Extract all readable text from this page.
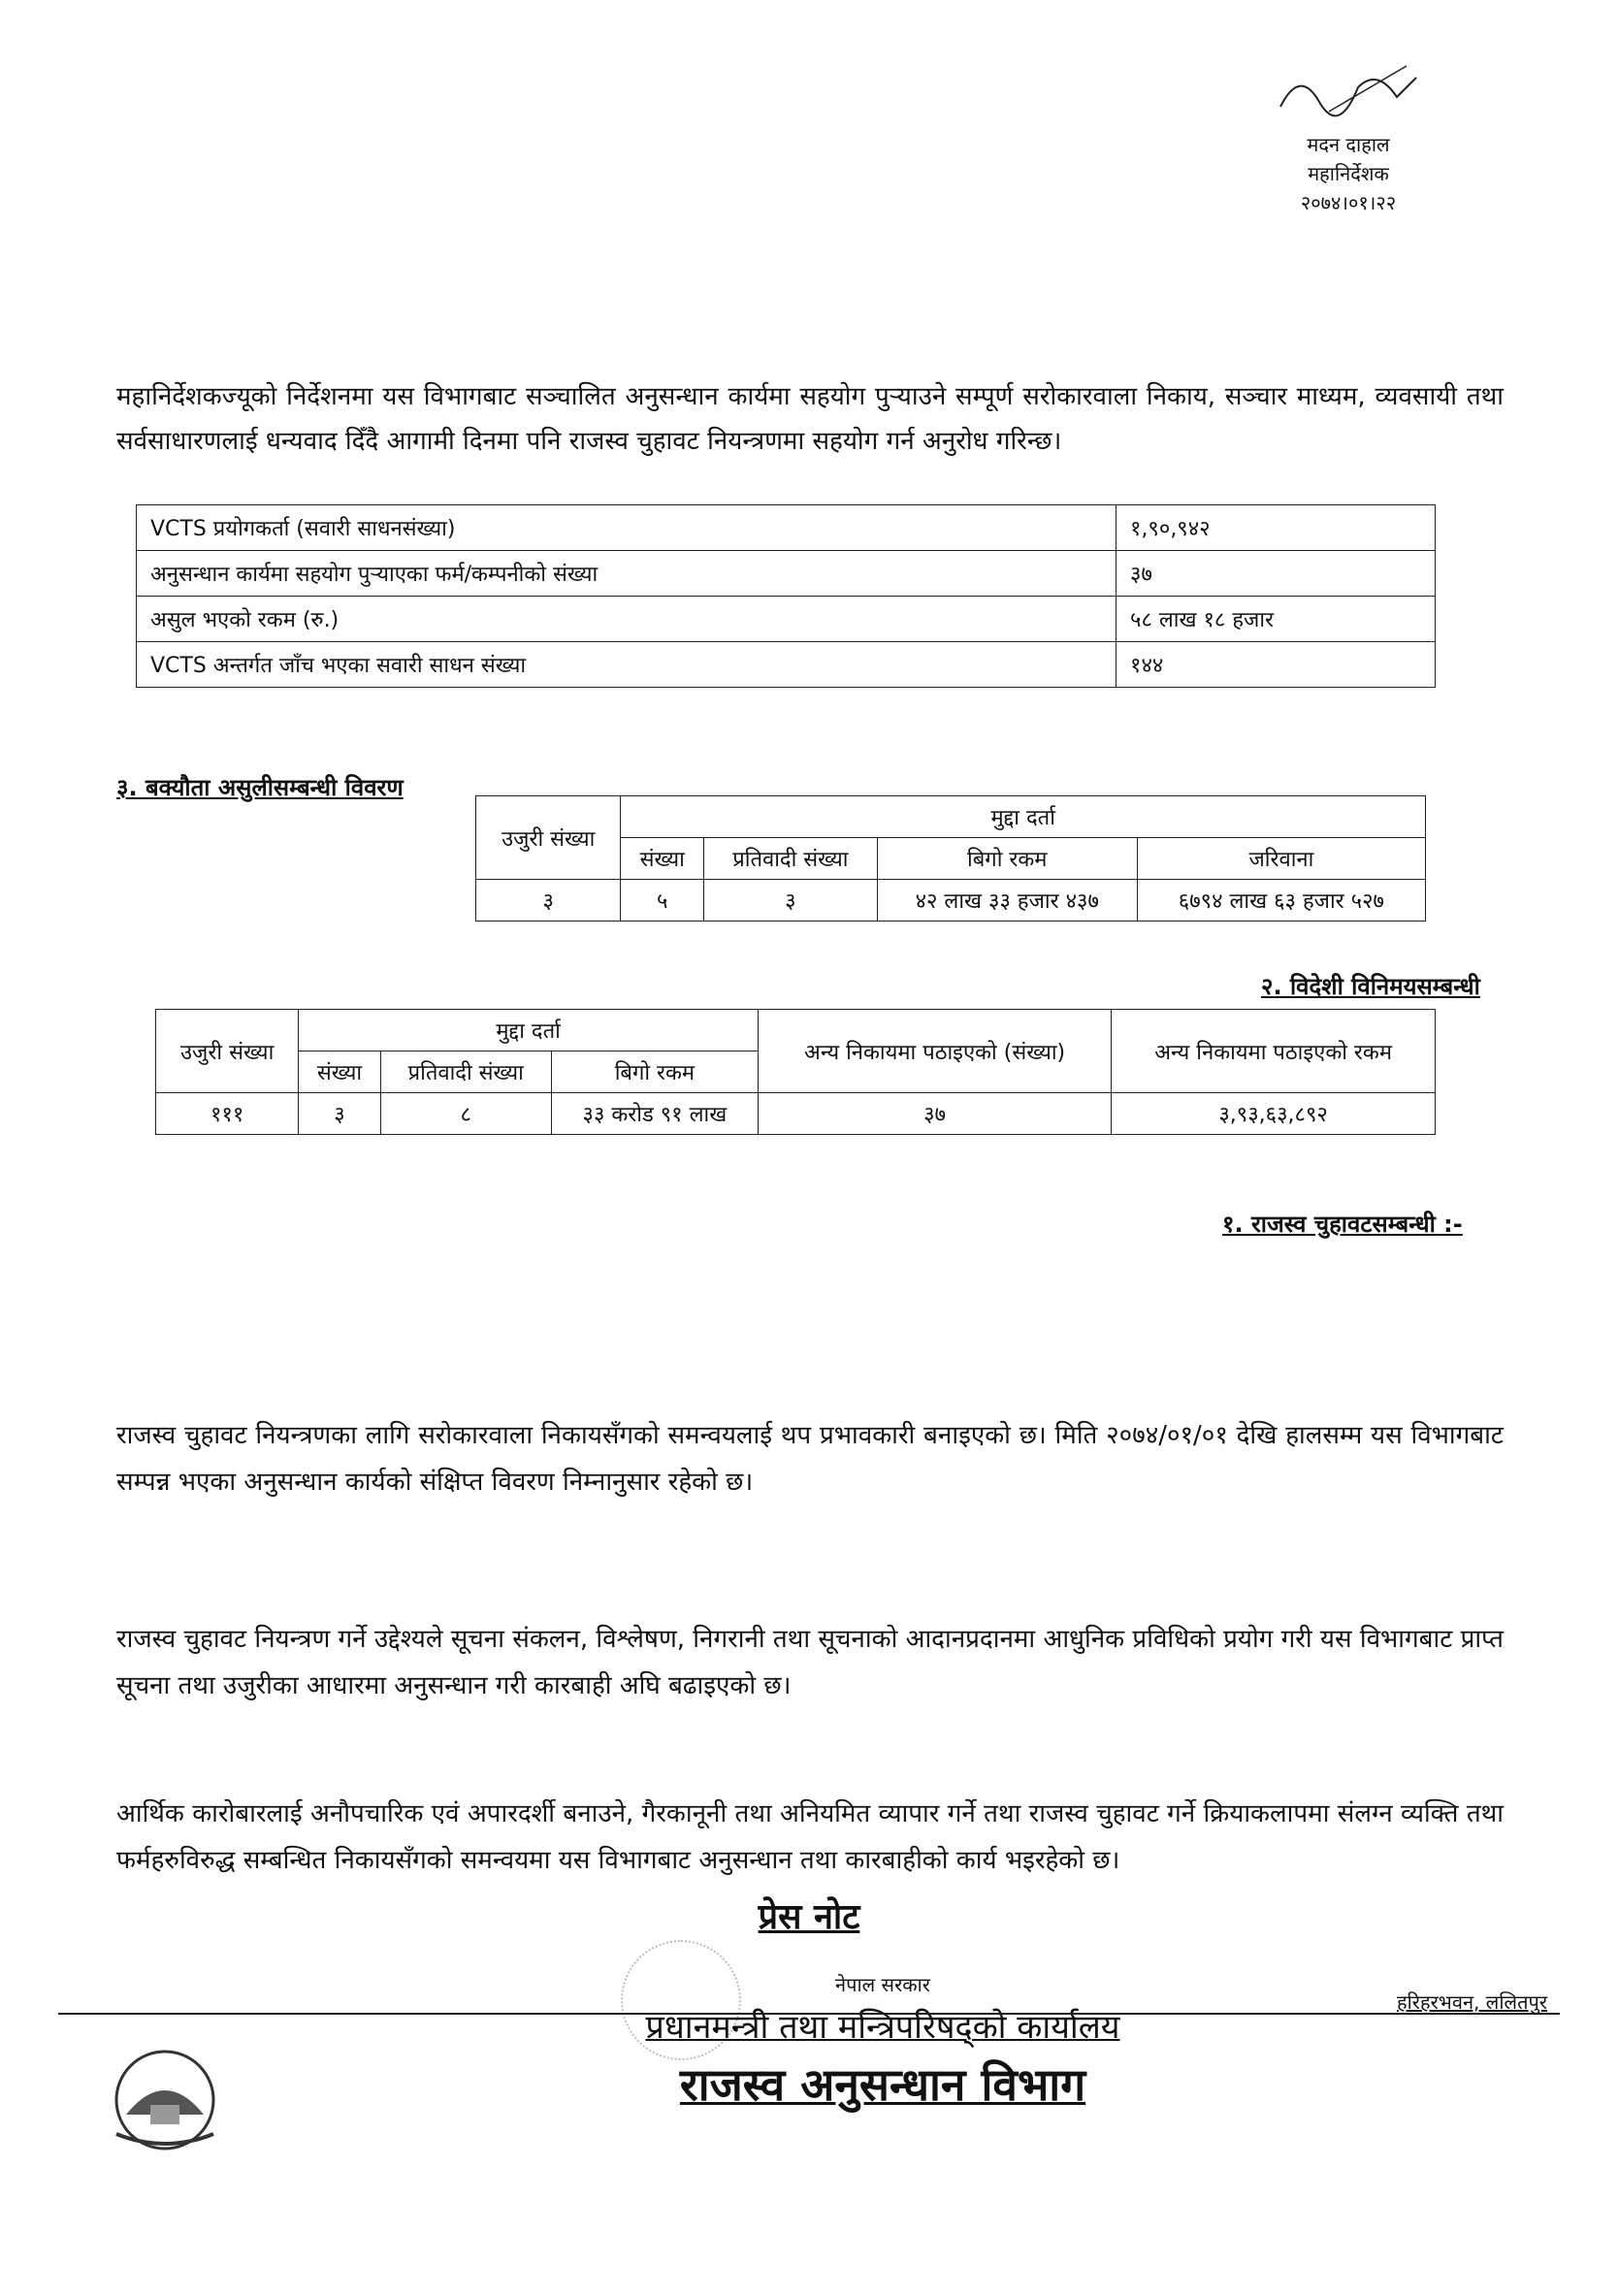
नेपाल सरकार
प्रधानमन्त्री तथा मन्त्रिपरिषद्को कार्यालय
राजस्व अनुसन्धान विभाग
हरिहरभवन, ललितपुर
प्रेस नोट

आर्थिक कारोबारलाई अनौपचारिक एवं अपारदर्शी बनाउने, गैरकानूनी तथा अनियमित व्यापार गर्ने तथा राजस्व चुहावट गर्ने क्रियाकलापमा संलग्न व्यक्ति तथा फर्महरुविरुद्ध सम्बन्धित निकायसँगको समन्वयमा यस विभागबाट अनुसन्धान तथा कारबाहीको कार्य भइरहेको छ।

राजस्व चुहावट नियन्त्रण गर्ने उद्देश्यले सूचना संकलन, विश्लेषण, निगरानी तथा सूचनाको आदानप्रदानमा आधुनिक प्रविधिको प्रयोग गरी यस विभागबाट प्राप्त सूचना तथा उजुरीका आधारमा अनुसन्धान गरी कारबाही अघि बढाइएको छ।

राजस्व चुहावट नियन्त्रणका लागि सरोकारवाला निकायसँगको समन्वयलाई थप प्रभावकारी बनाइएको छ। मिति २०७४/०१/०१ देखि हालसम्म यस विभागबाट सम्पन्न भएका अनुसन्धान कार्यको संक्षिप्त विवरण निम्नानुसार रहेको छ।

१. राजस्व चुहावटसम्बन्धी :-
उजुरी संख्या	मुद्दा दर्ता			अन्य निकायमा पठाइएको (संख्या)	अन्य निकायमा पठाइएको रकम
	संख्या	प्रतिवादी संख्या	बिगो रकम		
१११	३	८	३३ करोड ९१ लाख	३७	३,९३,६३,८९२
२. विदेशी विनिमयसम्बन्धी
उजुरी संख्या	मुद्दा दर्ता			
	संख्या	प्रतिवादी संख्या	बिगो रकम	जरिवाना
३	५	३	४२ लाख ३३ हजार ४३७	६७९४ लाख ६३ हजार ५२७
३. बक्यौता असुलीसम्बन्धी विवरण
VCTS प्रयोगकर्ता (सवारी साधनसंख्या)	१,९०,९४२
अनुसन्धान कार्यमा सहयोग पुर्‍याएका फर्म/कम्पनीको संख्या	३७
असुल भएको रकम (रु.)	५८ लाख १८ हजार
VCTS अन्तर्गत जाँच भएका सवारी साधन संख्या	१४४

महानिर्देशकज्यूको निर्देशनमा यस विभागबाट सञ्चालित अनुसन्धान कार्यमा सहयोग पुर्‍याउने सम्पूर्ण सरोकारवाला निकाय, सञ्चार माध्यम, व्यवसायी तथा सर्वसाधारणलाई धन्यवाद दिँदै आगामी दिनमा पनि राजस्व चुहावट नियन्त्रणमा सहयोग गर्न अनुरोध गरिन्छ।

मदन दाहाल
महानिर्देशक
२०७४।०१।२२
